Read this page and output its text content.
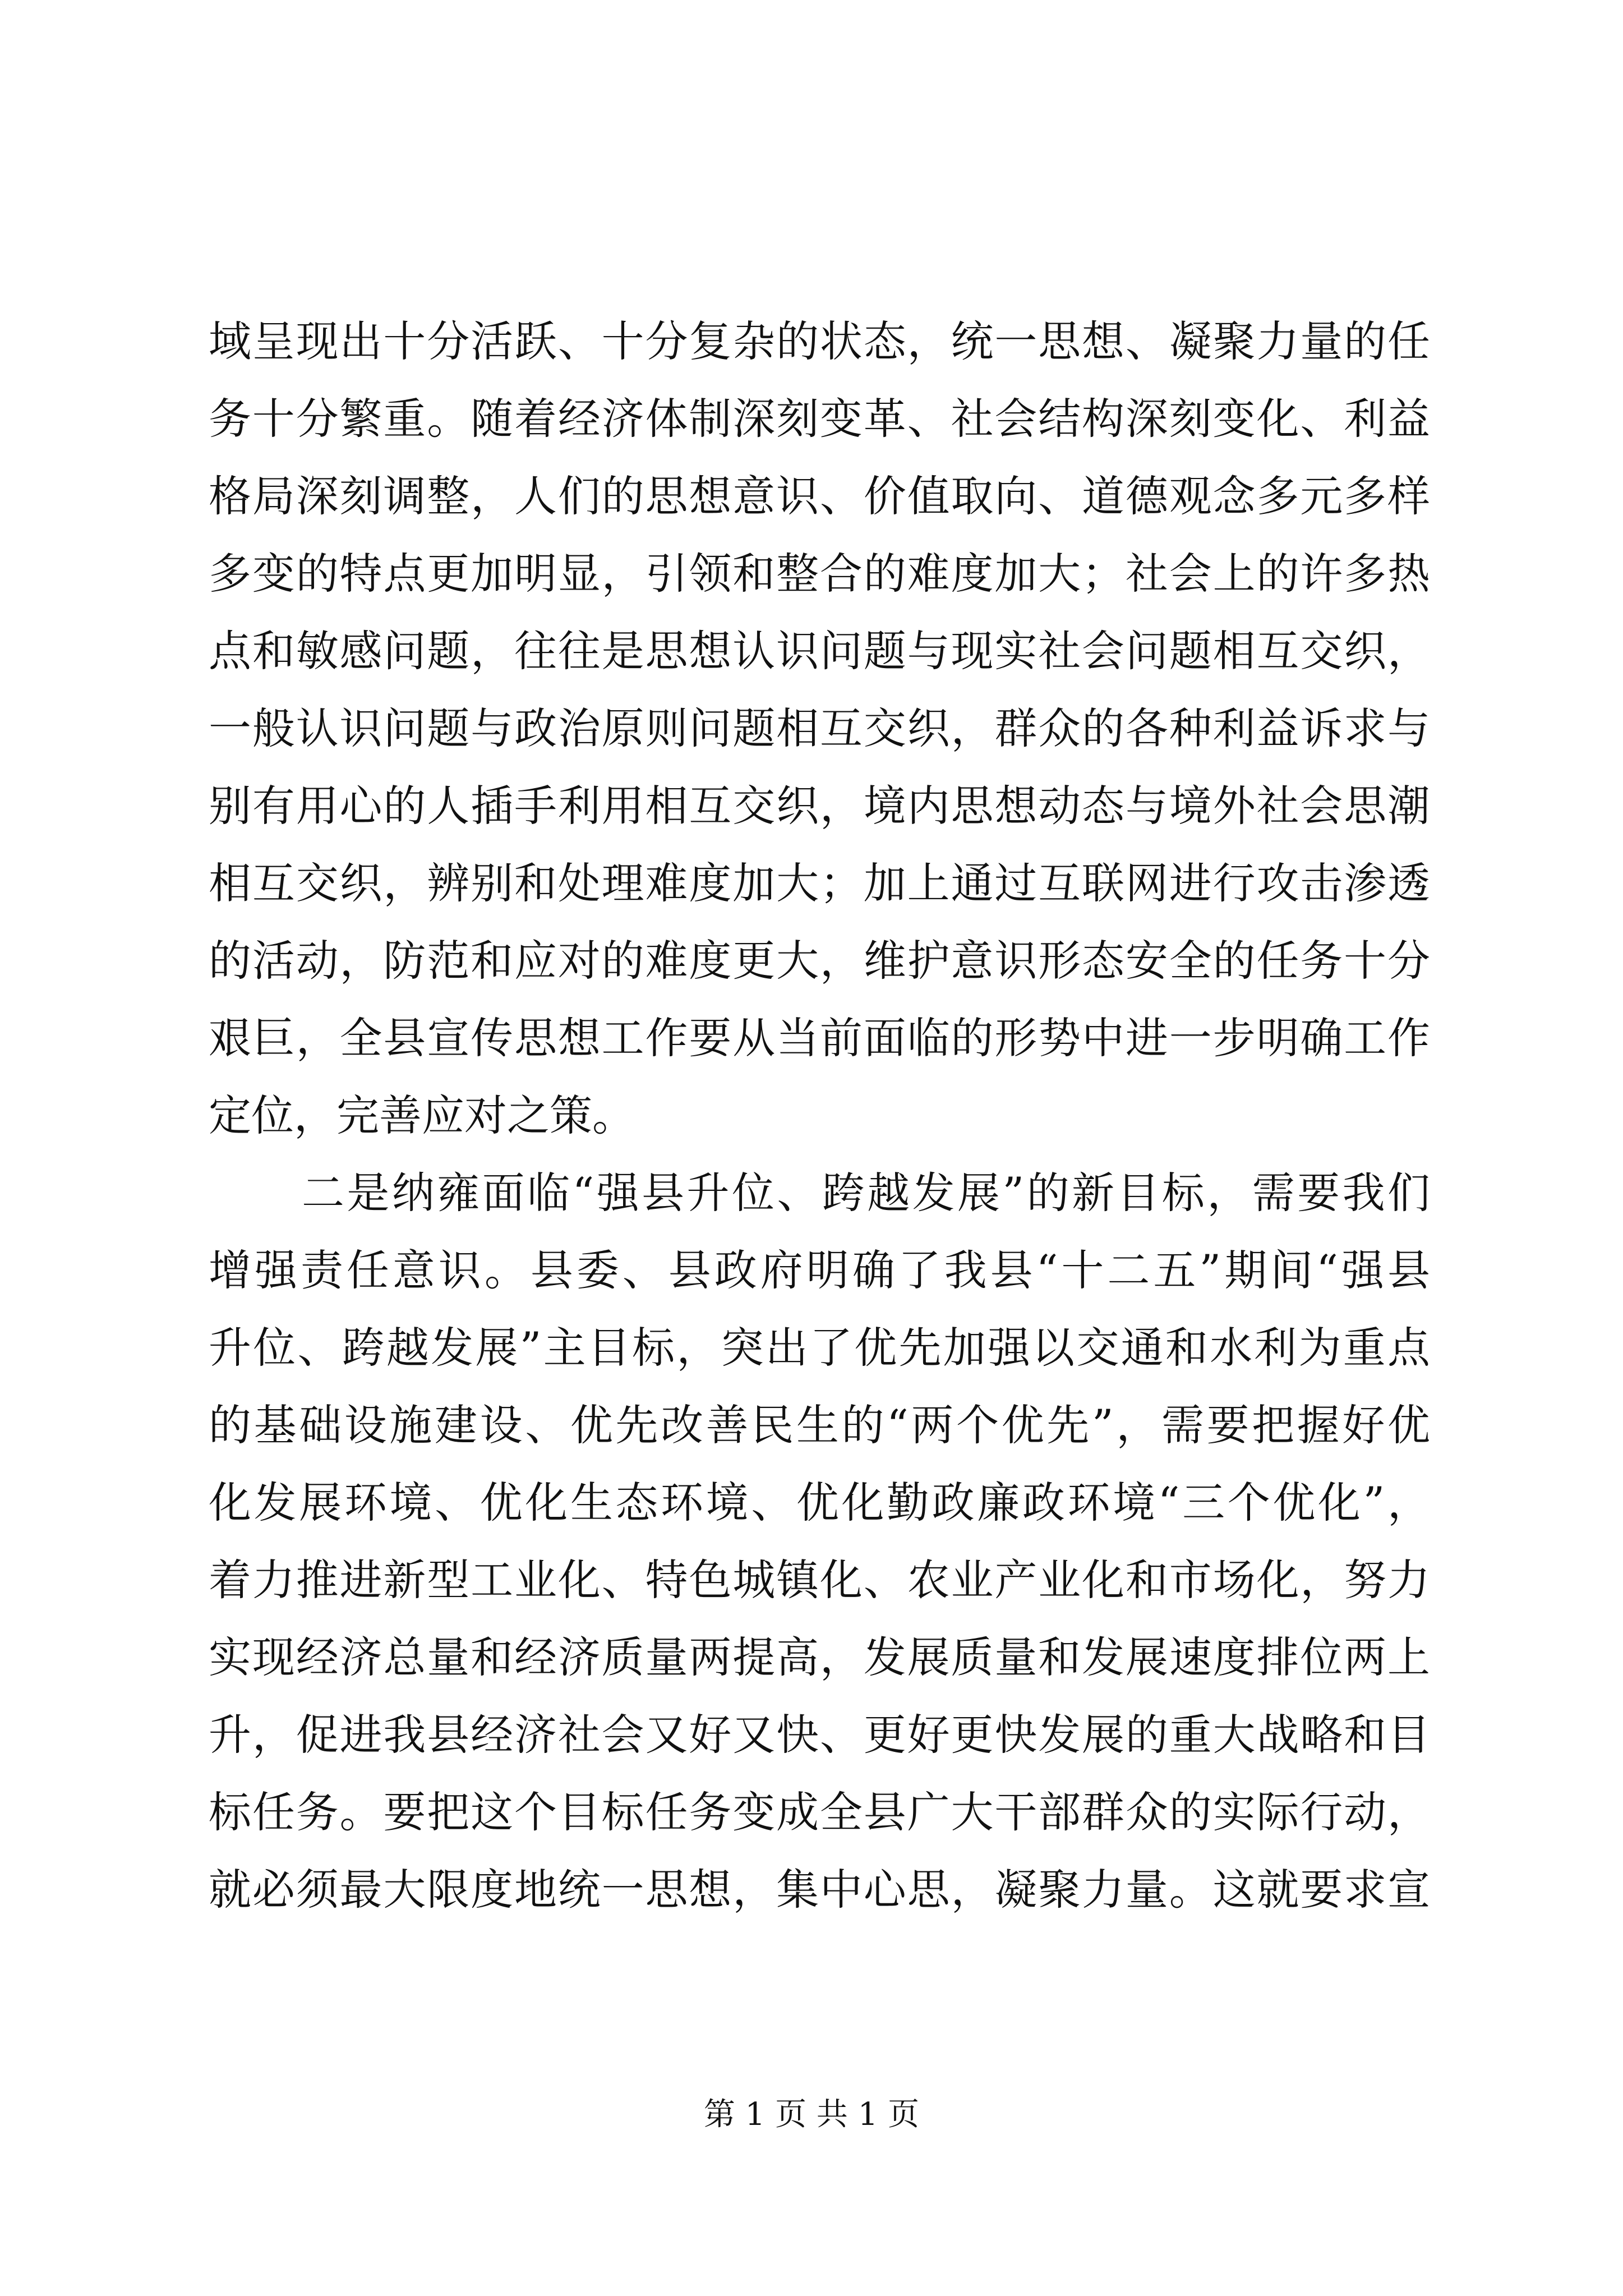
域呈现出十分活跃、十分复杂的状态，统一思想、凝聚力量的任
务十分繁重。随着经济体制深刻变革、社会结构深刻变化、利益
格局深刻调整，人们的思想意识、价值取向、道德观念多元多样
多变的特点更加明显，引领和整合的难度加大；社会上的许多热
点和敏感问题，往往是思想认识问题与现实社会问题相互交织，
一般认识问题与政治原则问题相互交织，群众的各种利益诉求与
别有用心的人插手利用相互交织，境内思想动态与境外社会思潮
相互交织，辨别和处理难度加大；加上通过互联网进行攻击渗透
的活动，防范和应对的难度更大，维护意识形态安全的任务十分
艰巨，全县宣传思想工作要从当前面临的形势中进一步明确工作
定位，完善应对之策。
二是纳雍面临“强县升位、跨越发展”的新目标，需要我们
增强责任意识。县委、县政府明确了我县“十二五”期间“强县
升位、跨越发展”主目标，突出了优先加强以交通和水利为重点
的基础设施建设、优先改善民生的“两个优先”，需要把握好优
化发展环境、优化生态环境、优化勤政廉政环境“三个优化”，
着力推进新型工业化、特色城镇化、农业产业化和市场化，努力
实现经济总量和经济质量两提高，发展质量和发展速度排位两上
升，促进我县经济社会又好又快、更好更快发展的重大战略和目
标任务。要把这个目标任务变成全县广大干部群众的实际行动，
就必须最大限度地统一思想，集中心思，凝聚力量。这就要求宣
第 1 页 共 1 页
